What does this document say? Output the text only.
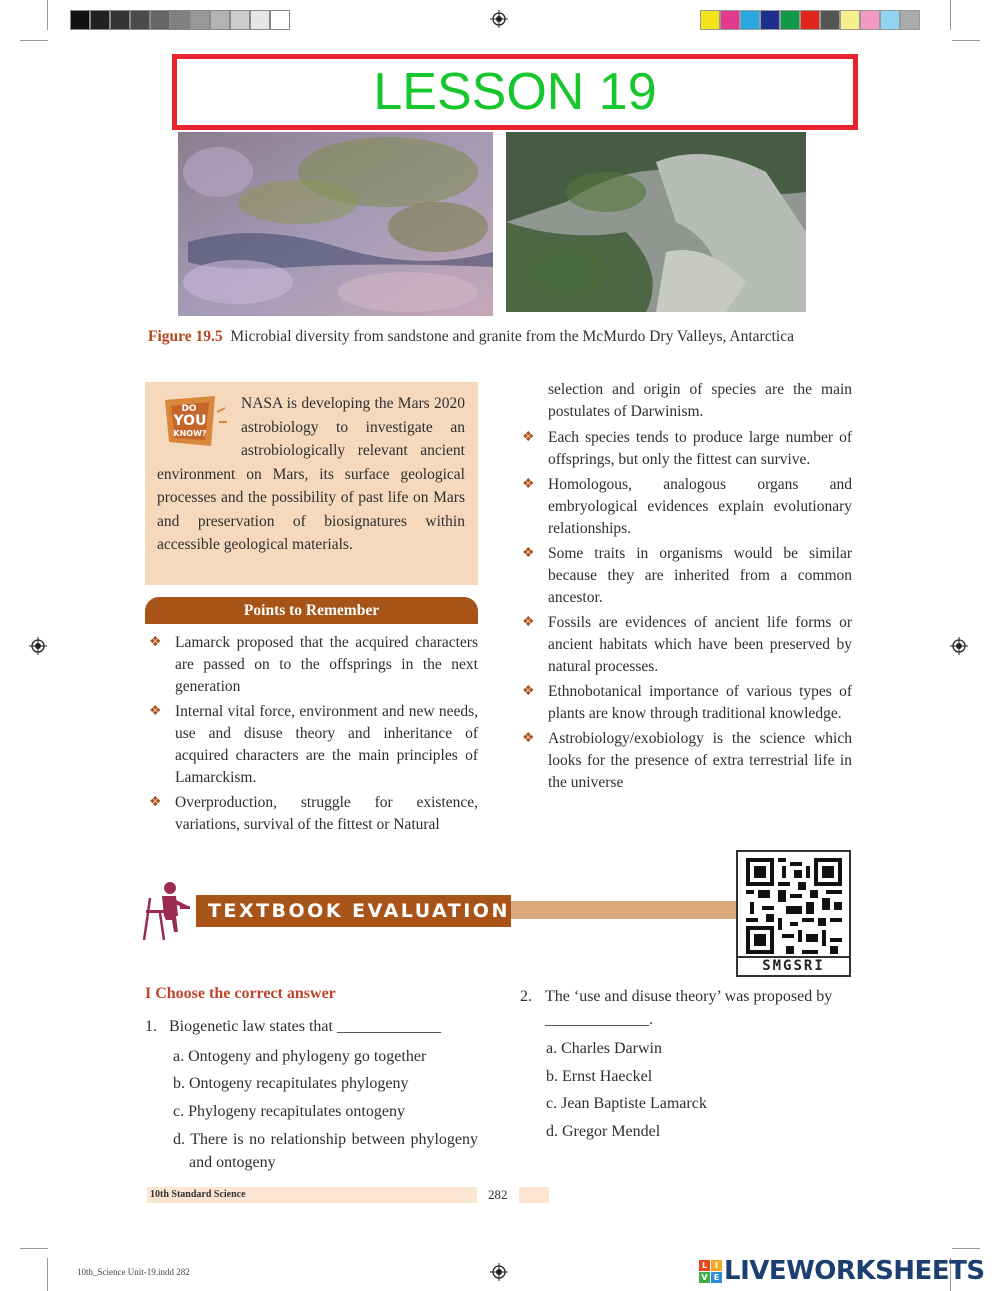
LESSON 19
Figure 19.5 Microbial diversity from sandstone and granite from the McMurdo Dry Valleys, Antarctica
DO
YOU
KNOW?
NASA is developing the Mars 2020 astrobiology to investigate an astrobiologically relevant ancient environment on Mars, its surface geological processes and the possibility of past life on Mars and preservation of biosignatures within accessible geological materials.
Points to Remember
❖ Lamarck proposed that the acquired characters are passed on to the offsprings in the next generation
❖ Internal vital force, environment and new needs, use and disuse theory and inheritance of acquired characters are the main principles of Lamarckism.
❖ Overproduction, struggle for existence, variations, survival of the fittest or Natural
selection and origin of species are the main postulates of Darwinism.
❖ Each species tends to produce large number of offsprings, but only the fittest can survive.
❖ Homologous, analogous organs and embryological evidences explain evolutionary relationships.
❖ Some traits in organisms would be similar because they are inherited from a common ancestor.
❖ Fossils are evidences of ancient life forms or ancient habitats which have been preserved by natural processes.
❖ Ethnobotanical importance of various types of plants are know through traditional knowledge.
❖ Astrobiology/exobiology is the science which looks for the presence of extra terrestrial life in the universe
TEXTBOOK EVALUATION
SMGSRI
I Choose the correct answer
1. Biogenetic law states that _____________
a. Ontogeny and phylogeny go together
b. Ontogeny recapitulates phylogeny
c. Phylogeny recapitulates ontogeny
d. There is no relationship between phylogeny and ontogeny
2. The ‘use and disuse theory’ was proposed by _____________.
a. Charles Darwin
b. Ernst Haeckel
c. Jean Baptiste Lamarck
d. Gregor Mendel
10th Standard Science	282
10th_Science Unit-19.indd 282
L I
V E LIVEWORKSHEETS
